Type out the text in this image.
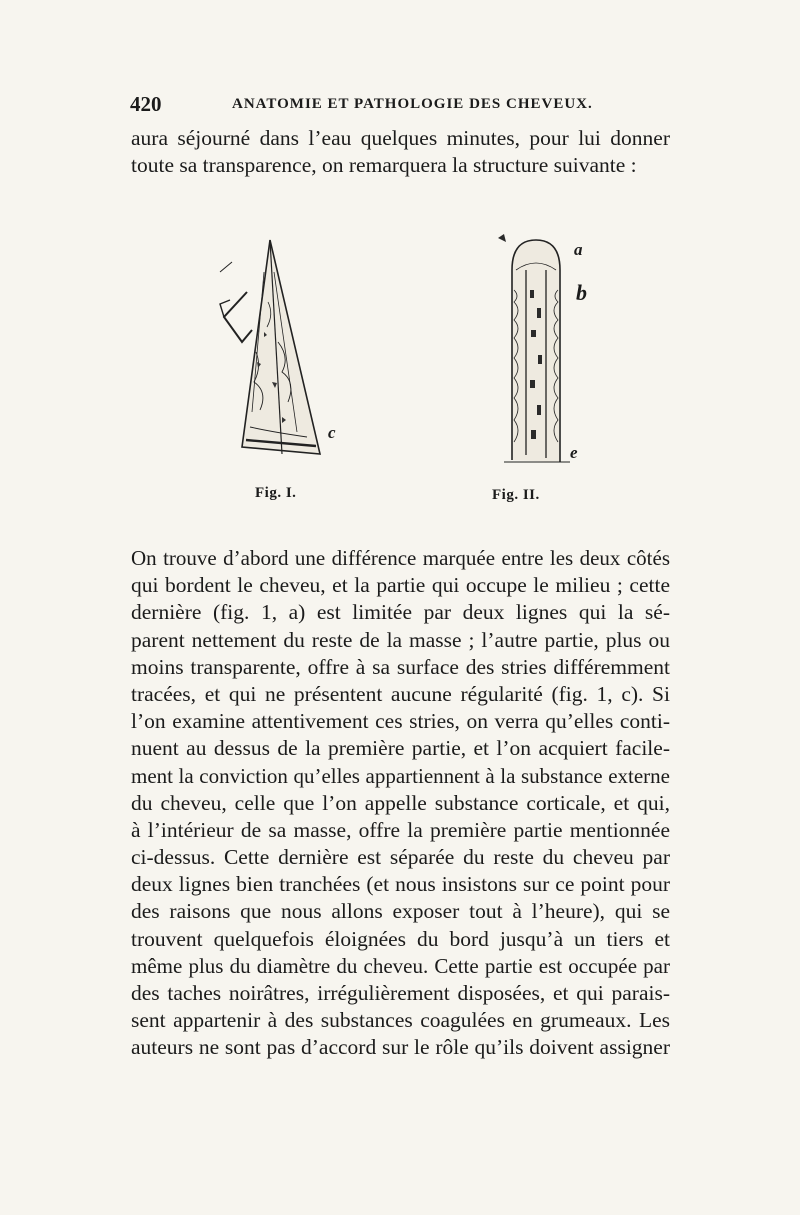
420	ANATOMIE ET PATHOLOGIE DES CHEVEUX.

aura séjourné dans l’eau quelques minutes, pour lui donner
toute sa transparence, on remarquera la structure suivante :

c
Fig. I.
a
b
e
Fig. II.

On trouve d’abord une différence marquée entre les deux côtés
qui bordent le cheveu, et la partie qui occupe le milieu ; cette
dernière (fig. 1, a) est limitée par deux lignes qui la sé-
parent nettement du reste de la masse ; l’autre partie, plus ou
moins transparente, offre à sa surface des stries différemment
tracées, et qui ne présentent aucune régularité (fig. 1, c). Si
l’on examine attentivement ces stries, on verra qu’elles conti-
nuent au dessus de la première partie, et l’on acquiert facile-
ment la conviction qu’elles appartiennent à la substance externe
du cheveu, celle que l’on appelle substance corticale, et qui,
à l’intérieur de sa masse, offre la première partie mentionnée
ci-dessus. Cette dernière est séparée du reste du cheveu par
deux lignes bien tranchées (et nous insistons sur ce point pour
des raisons que nous allons exposer tout à l’heure), qui se
trouvent quelquefois éloignées du bord jusqu’à un tiers et
même plus du diamètre du cheveu. Cette partie est occupée par
des taches noirâtres, irrégulièrement disposées, et qui parais-
sent appartenir à des substances coagulées en grumeaux. Les
auteurs ne sont pas d’accord sur le rôle qu’ils doivent assigner
